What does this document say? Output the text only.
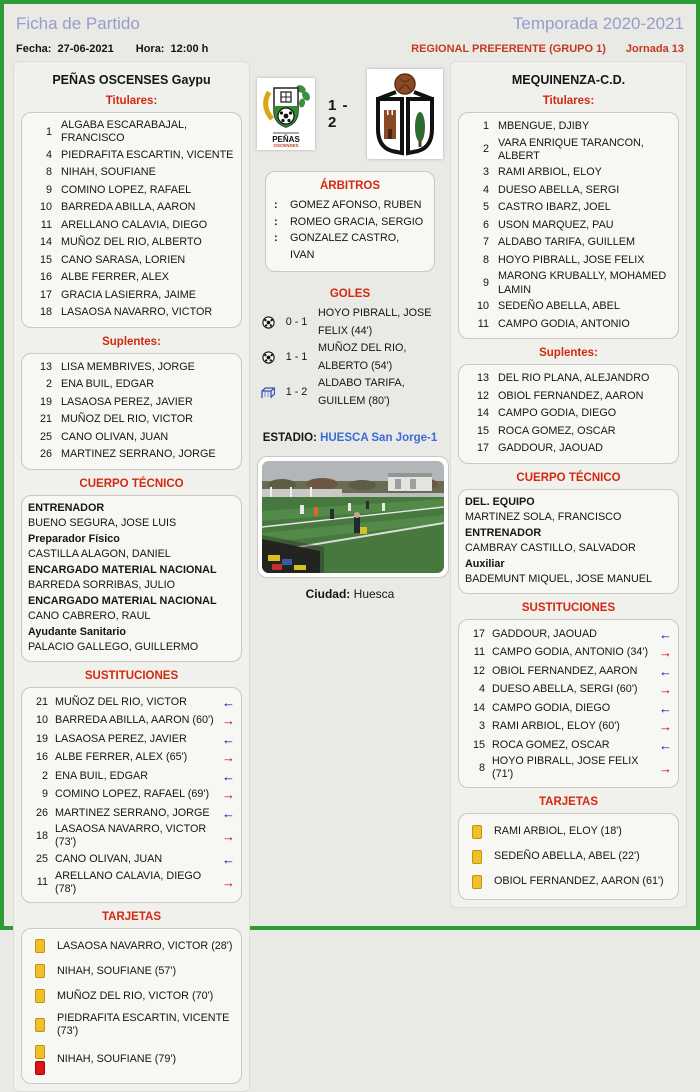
Ficha de Partido	Temporada 2020-2021
Fecha: 27-06-2021 Hora: 12:00 h	REGIONAL PREFERENTE (GRUPO 1) Jornada 13
PEÑAS OSCENSES Gaypu
Titulares:
1
ALGABA ESCARABAJAL, FRANCISCO
4 PIEDRAFITA ESCARTIN, VICENTE
8 NIHAH, SOUFIANE
9 COMINO LOPEZ, RAFAEL
10 BARREDA ABILLA, AARON
11 ARELLANO CALAVIA, DIEGO
14 MUÑOZ DEL RIO, ALBERTO
15 CANO SARASA, LORIEN
16 ALBE FERRER, ALEX
17 GRACIA LASIERRA, JAIME
18 LASAOSA NAVARRO, VICTOR
Suplentes:
13 LISA MEMBRIVES, JORGE
2 ENA BUIL, EDGAR
19 LASAOSA PEREZ, JAVIER
21 MUÑOZ DEL RIO, VICTOR
25 CANO OLIVAN, JUAN
26 MARTINEZ SERRANO, JORGE
CUERPO TÉCNICO
ENTRENADOR
BUENO SEGURA, JOSE LUIS
Preparador Físico
CASTILLA ALAGON, DANIEL
ENCARGADO MATERIAL NACIONAL
BARREDA SORRIBAS, JULIO
ENCARGADO MATERIAL NACIONAL
CANO CABRERO, RAUL
Ayudante Sanitario
PALACIO GALLEGO, GUILLERMO
SUSTITUCIONES
21 MUÑOZ DEL RIO, VICTOR
←
10 BARREDA ABILLA, AARON (60')
→
19 LASAOSA PEREZ, JAVIER
←
16 ALBE FERRER, ALEX (65')
→
2 ENA BUIL, EDGAR
←
9 COMINO LOPEZ, RAFAEL (69')
→
26 MARTINEZ SERRANO, JORGE
←
18
LASAOSA NAVARRO, VICTOR (73')
→
25 CANO OLIVAN, JUAN
←
11
ARELLANO CALAVIA, DIEGO (78')
→
TARJETAS
LASAOSA NAVARRO, VICTOR (28')
NIHAH, SOUFIANE (57')
MUÑOZ DEL RIO, VICTOR (70')
PIEDRAFITA ESCARTIN, VICENTE (73')
NIHAH, SOUFIANE (79')
PEÑAS
OSCENSES
1 - 2
ÁRBITROS
: GOMEZ AFONSO, RUBEN
: ROMEO GRACIA, SERGIO
: GONZALEZ CASTRO, IVAN
GOLES
0 - 1
HOYO PIBRALL, JOSE FELIX (44')
1 - 1
MUÑOZ DEL RIO, ALBERTO (54')
1 - 2
ALDABO TARIFA, GUILLEM (80')
ESTADIO: HUESCA San Jorge-1
Ciudad: Huesca
MEQUINENZA-C.D.
Titulares:
1 MBENGUE, DJIBY
2
VARA ENRIQUE TARANCON, ALBERT
3 RAMI ARBIOL, ELOY
4 DUESO ABELLA, SERGI
5 CASTRO IBARZ, JOEL
6 USON MARQUEZ, PAU
7 ALDABO TARIFA, GUILLEM
8 HOYO PIBRALL, JOSE FELIX
9
MARONG KRUBALLY, MOHAMED LAMIN
10 SEDEÑO ABELLA, ABEL
11 CAMPO GODIA, ANTONIO
Suplentes:
13 DEL RIO PLANA, ALEJANDRO
12 OBIOL FERNANDEZ, AARON
14 CAMPO GODIA, DIEGO
15 ROCA GOMEZ, OSCAR
17 GADDOUR, JAOUAD
CUERPO TÉCNICO
DEL. EQUIPO
MARTINEZ SOLA, FRANCISCO
ENTRENADOR
CAMBRAY CASTILLO, SALVADOR
Auxiliar
BADEMUNT MIQUEL, JOSE MANUEL
SUSTITUCIONES
17 GADDOUR, JAOUAD
←
11 CAMPO GODIA, ANTONIO (34')
→
12 OBIOL FERNANDEZ, AARON
←
4 DUESO ABELLA, SERGI (60')
→
14 CAMPO GODIA, DIEGO
←
3 RAMI ARBIOL, ELOY (60')
→
15 ROCA GOMEZ, OSCAR
←
8
HOYO PIBRALL, JOSE FELIX (71')
→
TARJETAS
RAMI ARBIOL, ELOY (18')
SEDEÑO ABELLA, ABEL (22')
OBIOL FERNANDEZ, AARON (61')
